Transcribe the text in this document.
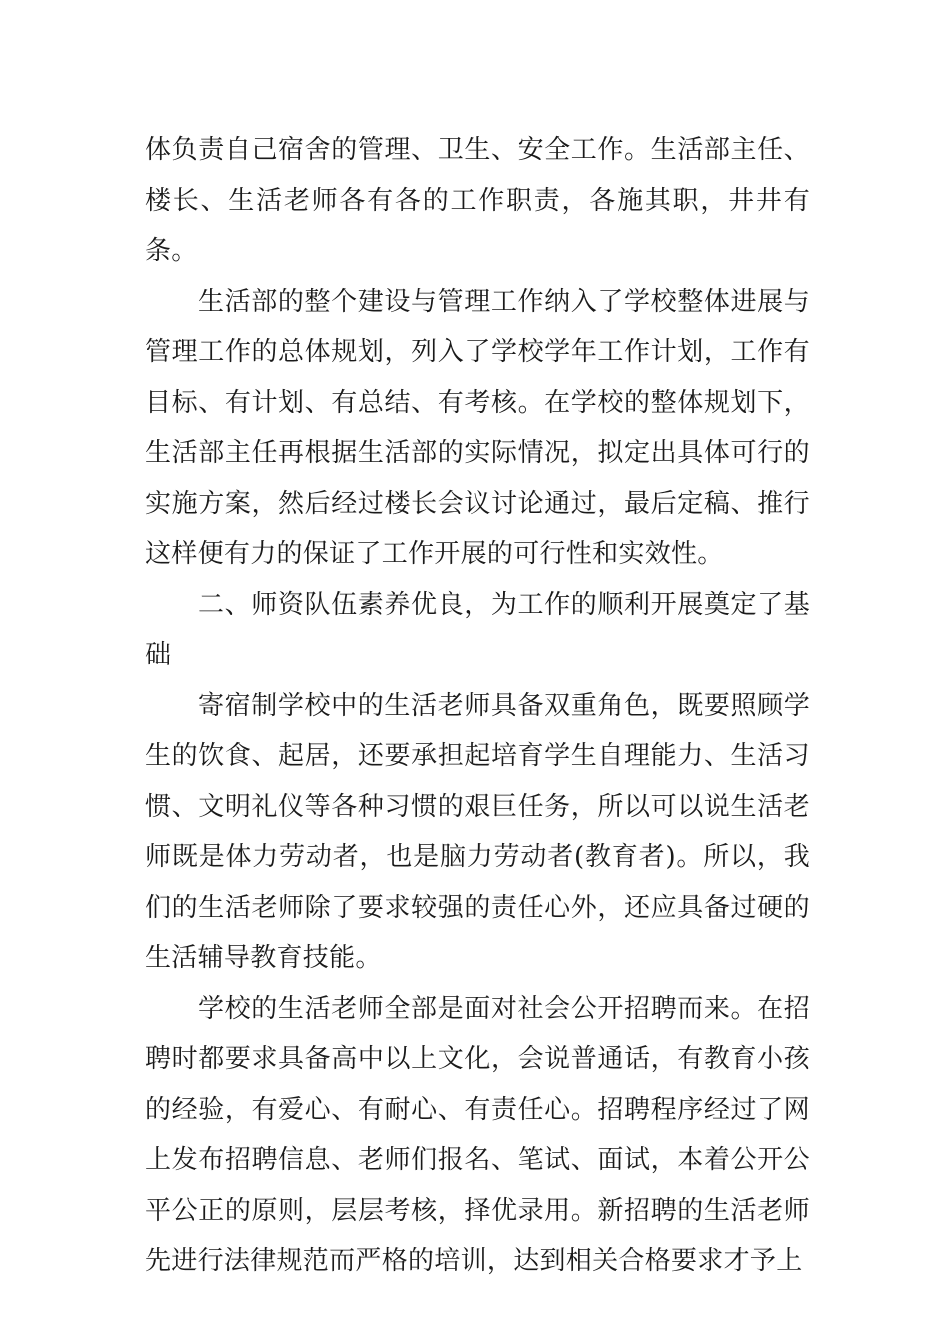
体负责自己宿舍的管理、卫生、安全工作。生活部主任、楼长、生活老师各有各的工作职责，各施其职，井井有条。

生活部的整个建设与管理工作纳入了学校整体进展与管理工作的总体规划，列入了学校学年工作计划，工作有目标、有计划、有总结、有考核。在学校的整体规划下，生活部主任再根据生活部的实际情况，拟定出具体可行的实施方案，然后经过楼长会议讨论通过，最后定稿、推行这样便有力的保证了工作开展的可行性和实效性。

二、师资队伍素养优良，为工作的顺利开展奠定了基础

寄宿制学校中的生活老师具备双重角色，既要照顾学生的饮食、起居，还要承担起培育学生自理能力、生活习惯、文明礼仪等各种习惯的艰巨任务，所以可以说生活老师既是体力劳动者，也是脑力劳动者(教育者)。所以，我们的生活老师除了要求较强的责任心外，还应具备过硬的生活辅导教育技能。

学校的生活老师全部是面对社会公开招聘而来。在招聘时都要求具备高中以上文化，会说普通话，有教育小孩的经验，有爱心、有耐心、有责任心。招聘程序经过了网上发布招聘信息、老师们报名、笔试、面试，本着公开公平公正的原则，层层考核，择优录用。新招聘的生活老师先进行法律规范而严格的培训，达到相关合格要求才予上
